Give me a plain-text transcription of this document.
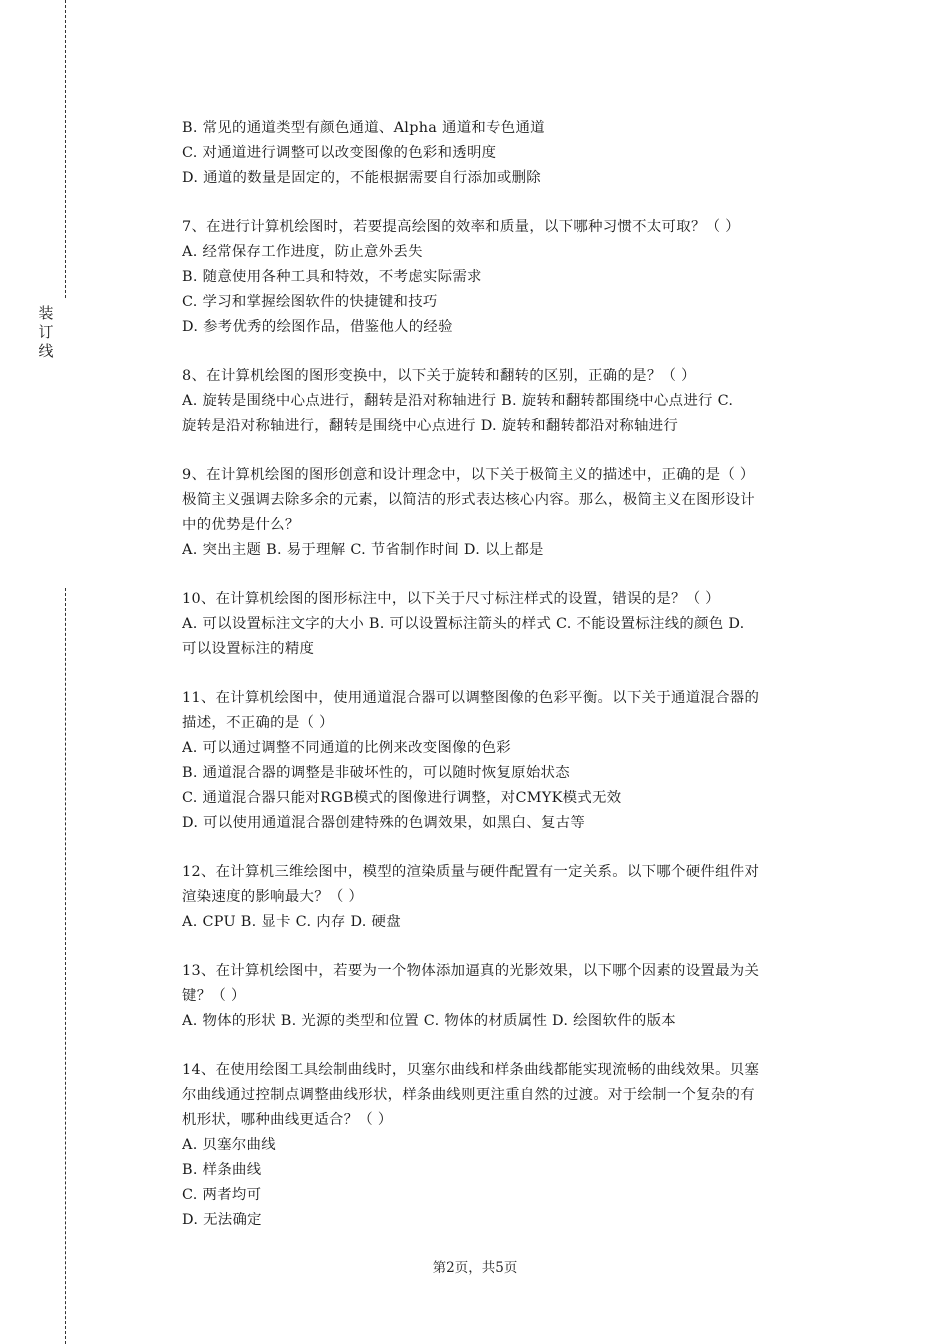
装订线
B. 常见的通道类型有颜色通道、Alpha 通道和专色通道
C. 对通道进行调整可以改变图像的色彩和透明度
D. 通道的数量是固定的，不能根据需要自行添加或删除
7、在进行计算机绘图时，若要提高绘图的效率和质量，以下哪种习惯不太可取？（ ）
A. 经常保存工作进度，防止意外丢失
B. 随意使用各种工具和特效，不考虑实际需求
C. 学习和掌握绘图软件的快捷键和技巧
D. 参考优秀的绘图作品，借鉴他人的经验
8、在计算机绘图的图形变换中，以下关于旋转和翻转的区别，正确的是？（ ）
A. 旋转是围绕中心点进行，翻转是沿对称轴进行 B. 旋转和翻转都围绕中心点进行 C.
旋转是沿对称轴进行，翻转是围绕中心点进行 D. 旋转和翻转都沿对称轴进行
9、在计算机绘图的图形创意和设计理念中，以下关于极简主义的描述中，正确的是（ ）
极简主义强调去除多余的元素，以简洁的形式表达核心内容。那么，极简主义在图形设计
中的优势是什么？
A. 突出主题 B. 易于理解 C. 节省制作时间 D. 以上都是
10、在计算机绘图的图形标注中，以下关于尺寸标注样式的设置，错误的是？（ ）
A. 可以设置标注文字的大小 B. 可以设置标注箭头的样式 C. 不能设置标注线的颜色 D.
可以设置标注的精度
11、在计算机绘图中，使用通道混合器可以调整图像的色彩平衡。以下关于通道混合器的
描述，不正确的是（ ）
A. 可以通过调整不同通道的比例来改变图像的色彩
B. 通道混合器的调整是非破坏性的，可以随时恢复原始状态
C. 通道混合器只能对RGB模式的图像进行调整，对CMYK模式无效
D. 可以使用通道混合器创建特殊的色调效果，如黑白、复古等
12、在计算机三维绘图中，模型的渲染质量与硬件配置有一定关系。以下哪个硬件组件对
渲染速度的影响最大？（ ）
A. CPU B. 显卡 C. 内存 D. 硬盘
13、在计算机绘图中，若要为一个物体添加逼真的光影效果，以下哪个因素的设置最为关
键？（ ）
A. 物体的形状 B. 光源的类型和位置 C. 物体的材质属性 D. 绘图软件的版本
14、在使用绘图工具绘制曲线时，贝塞尔曲线和样条曲线都能实现流畅的曲线效果。贝塞
尔曲线通过控制点调整曲线形状，样条曲线则更注重自然的过渡。对于绘制一个复杂的有
机形状，哪种曲线更适合？（ ）
A. 贝塞尔曲线
B. 样条曲线
C. 两者均可
D. 无法确定
第2页，共5页
